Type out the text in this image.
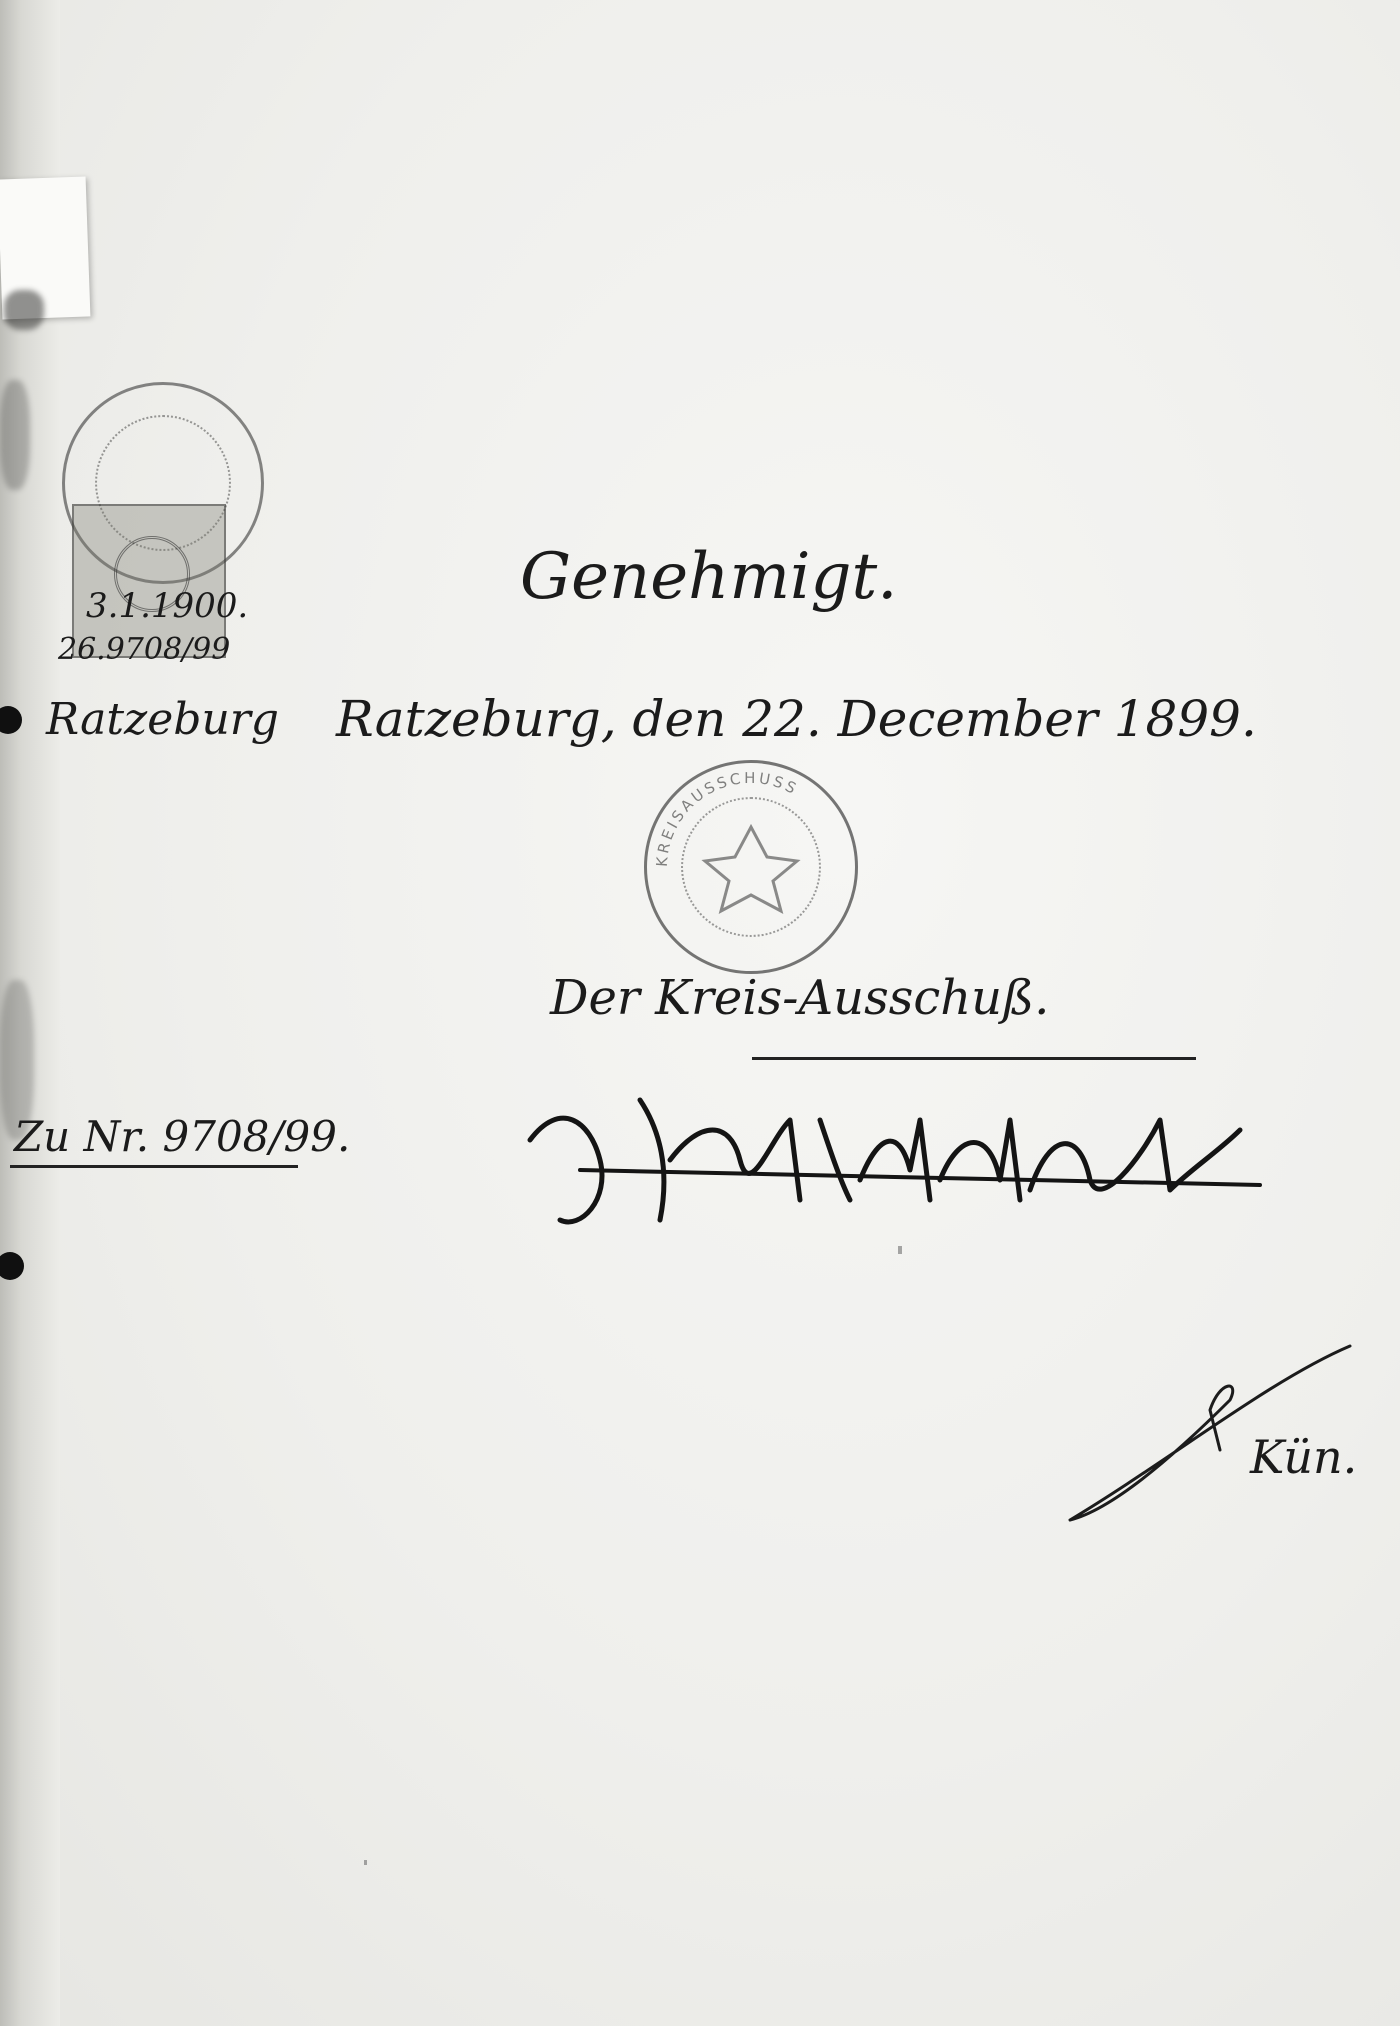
3.1.1900.
26.9708/99
Ratzeburg
Genehmigt.
Ratzeburg, den 22. December 1899.
KREISAUSSCHUSS
Der Kreis-Ausschuß.
Zu Nr. 9708/99.
Kün.
